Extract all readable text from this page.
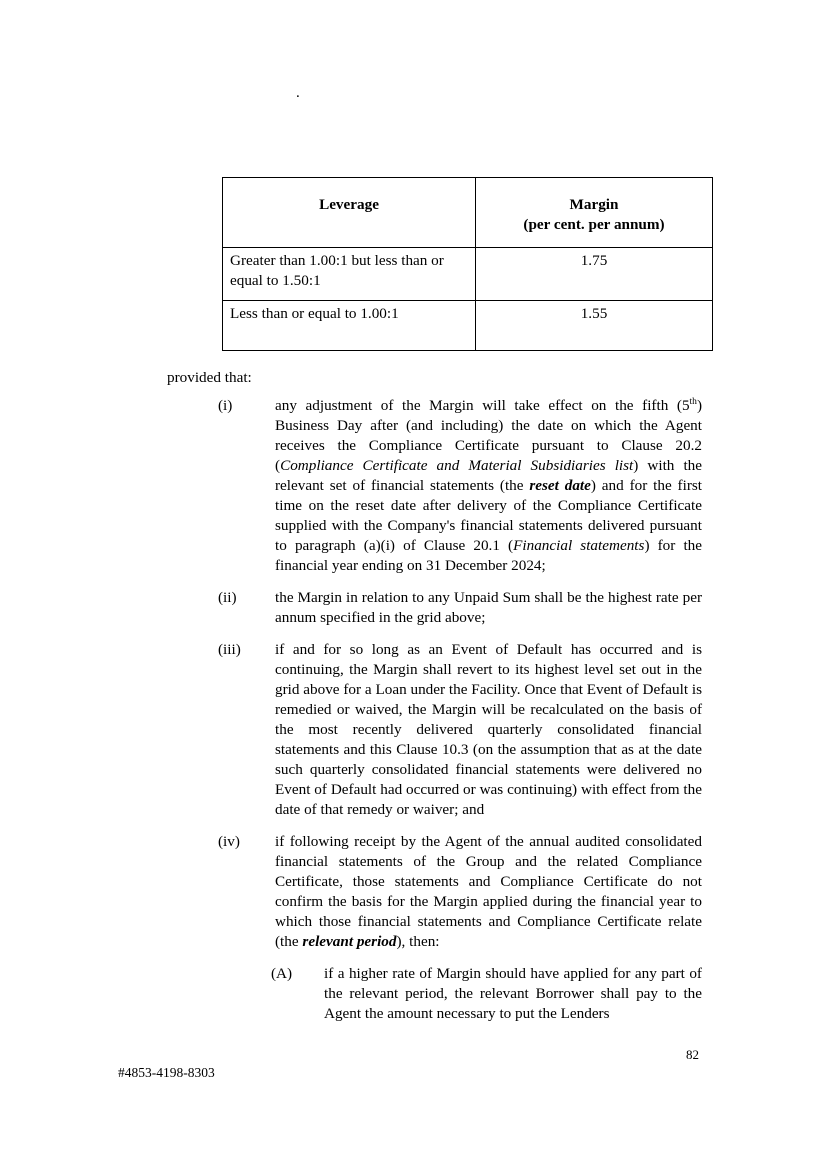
.
Leverage	Margin
(per cent. per annum)

Greater than 1.00:1 but less than or equal to 1.50:1	1.75
Less than or equal to 1.00:1	1.55
provided that:
(i)	any adjustment of the Margin will take effect on the fifth (5th) Business Day after (and including) the date on which the Agent receives the Compliance Certificate pursuant to Clause 20.2 (Compliance Certificate and Material Subsidiaries list) with the relevant set of financial statements (the reset date) and for the first time on the reset date after delivery of the Compliance Certificate supplied with the Company's financial statements delivered pursuant to paragraph (a)(i) of Clause 20.1 (Financial statements) for the financial year ending on 31 December 2024;
(ii)	the Margin in relation to any Unpaid Sum shall be the highest rate per annum specified in the grid above;
(iii)	if and for so long as an Event of Default has occurred and is continuing, the Margin shall revert to its highest level set out in the grid above for a Loan under the Facility. Once that Event of Default is remedied or waived, the Margin will be recalculated on the basis of the most recently delivered quarterly consolidated financial statements and this Clause 10.3 (on the assumption that as at the date such quarterly consolidated financial statements were delivered no Event of Default had occurred or was continuing) with effect from the date of that remedy or waiver; and
(iv)	if following receipt by the Agent of the annual audited consolidated financial statements of the Group and the related Compliance Certificate, those statements and Compliance Certificate do not confirm the basis for the Margin applied during the financial year to which those financial statements and Compliance Certificate relate (the relevant period), then:
(A)	if a higher rate of Margin should have applied for any part of the relevant period, the relevant Borrower shall pay to the Agent the amount necessary to put the Lenders
82
#4853-4198-8303
